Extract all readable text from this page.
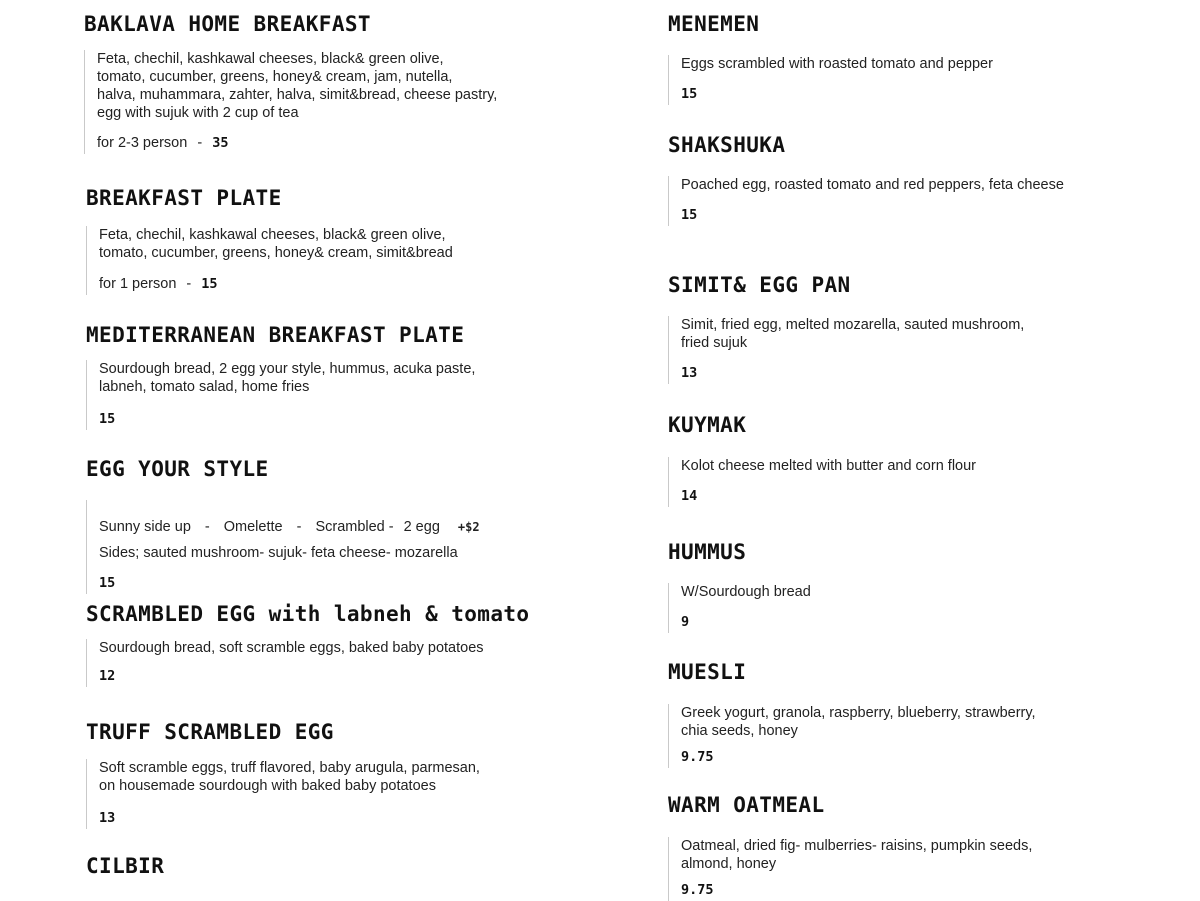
BAKLAVA HOME BREAKFAST
Feta, chechil, kashkawal cheeses, black& green olive,
tomato, cucumber, greens, honey& cream, jam, nutella,
halva, muhammara, zahter, halva, simit&bread, cheese pastry,
egg with sujuk with 2 cup of tea
for 2-3 person - 35
BREAKFAST PLATE
Feta, chechil, kashkawal cheeses, black& green olive,
tomato, cucumber, greens, honey& cream, simit&bread
for 1 person - 15
MEDITERRANEAN BREAKFAST PLATE
Sourdough bread, 2 egg your style, hummus, acuka paste,
labneh, tomato salad, home fries
15
EGG YOUR STYLE

Sunny side up - Omelette - Scrambled - 2 egg +$2

Sides; sauted mushroom- sujuk- feta cheese- mozarella
15
SCRAMBLED EGG with labneh & tomato
Sourdough bread, soft scramble eggs, baked baby potatoes
12
TRUFF SCRAMBLED EGG
Soft scramble eggs, truff flavored, baby arugula, parmesan,
on housemade sourdough with baked baby potatoes
13
CILBIR
MENEMEN
Eggs scrambled with roasted tomato and pepper
15
SHAKSHUKA
Poached egg, roasted tomato and red peppers, feta cheese
15
SIMIT& EGG PAN
Simit, fried egg, melted mozarella, sauted mushroom,
fried sujuk
13
KUYMAK
Kolot cheese melted with butter and corn flour
14
HUMMUS
W/Sourdough bread
9
MUESLI
Greek yogurt, granola, raspberry, blueberry, strawberry,
chia seeds, honey
9.75
WARM OATMEAL
Oatmeal, dried fig- mulberries- raisins, pumpkin seeds,
almond, honey
9.75
